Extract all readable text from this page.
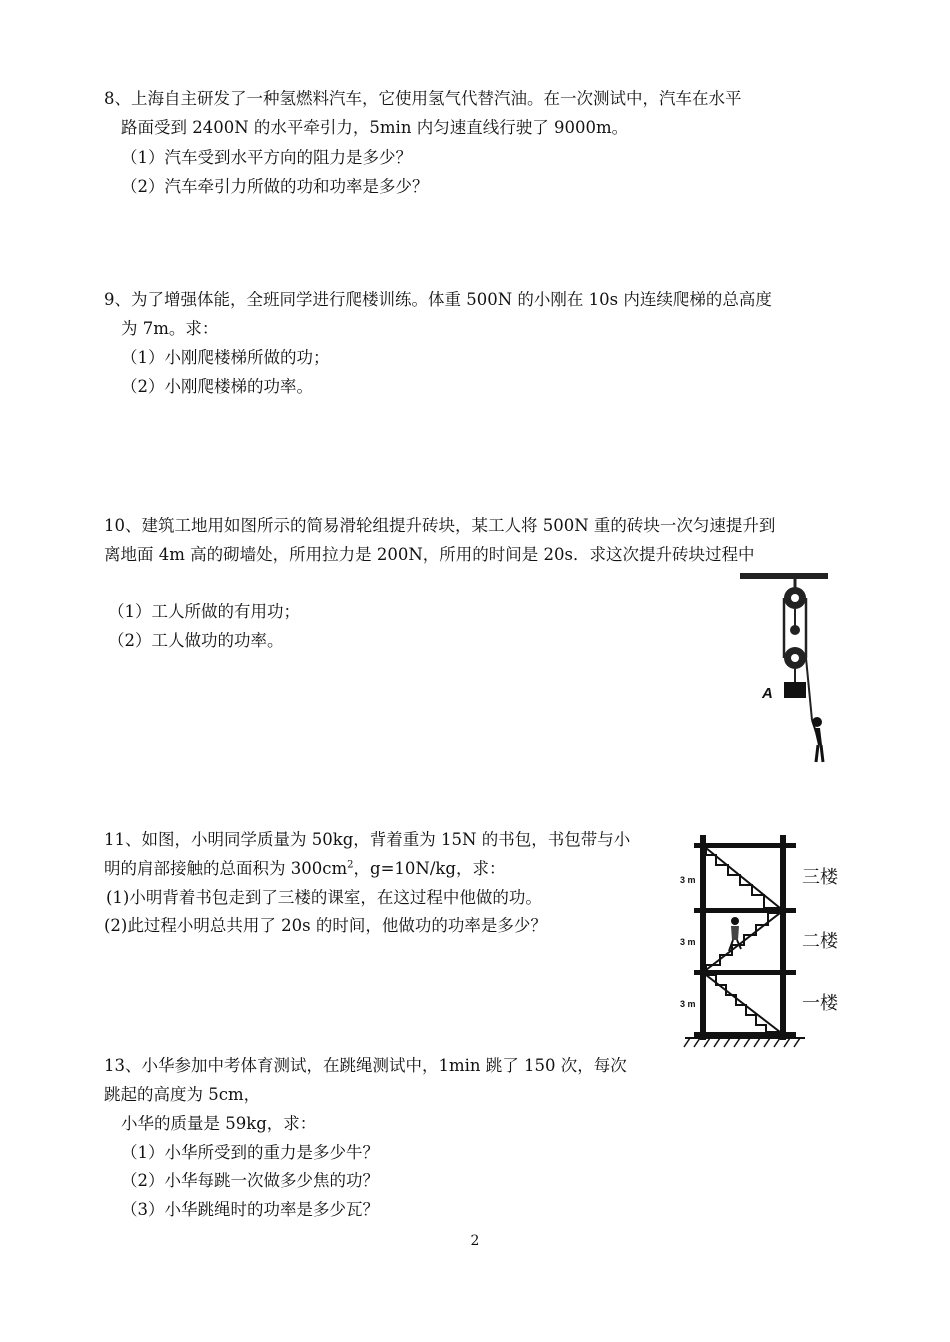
8、上海自主研发了一种氢燃料汽车，它使用氢气代替汽油。在一次测试中，汽车在水平
路面受到 2400N 的水平牵引力，5min 内匀速直线行驶了 9000m。
（1）汽车受到水平方向的阻力是多少？
（2）汽车牵引力所做的功和功率是多少？
9、为了增强体能，全班同学进行爬楼训练。体重 500N 的小刚在 10s 内连续爬梯的总高度
为 7m。求：
（1）小刚爬楼梯所做的功；
（2）小刚爬楼梯的功率。
10、建筑工地用如图所示的简易滑轮组提升砖块，某工人将 500N 重的砖块一次匀速提升到
离地面 4m 高的砌墙处，所用拉力是 200N，所用的时间是 20s．求这次提升砖块过程中
（1）工人所做的有用功；
（2）工人做功的功率。
A
11、如图，小明同学质量为 50kg，背着重为 15N 的书包，书包带与小
明的肩部接触的总面积为 $300cm^2$，g=10N/kg，求：
(1)小明背着书包走到了三楼的课室，在这过程中他做的功。
(2)此过程小明总共用了 20s 的时间，他做功的功率是多少？
3 m
3 m
3 m
三楼
二楼
一楼
13、小华参加中考体育测试，在跳绳测试中，1min 跳了 150 次，每次
跳起的高度为 5cm，
小华的质量是 59kg，求：
（1）小华所受到的重力是多少牛？
（2）小华每跳一次做多少焦的功？
（3）小华跳绳时的功率是多少瓦？
2
